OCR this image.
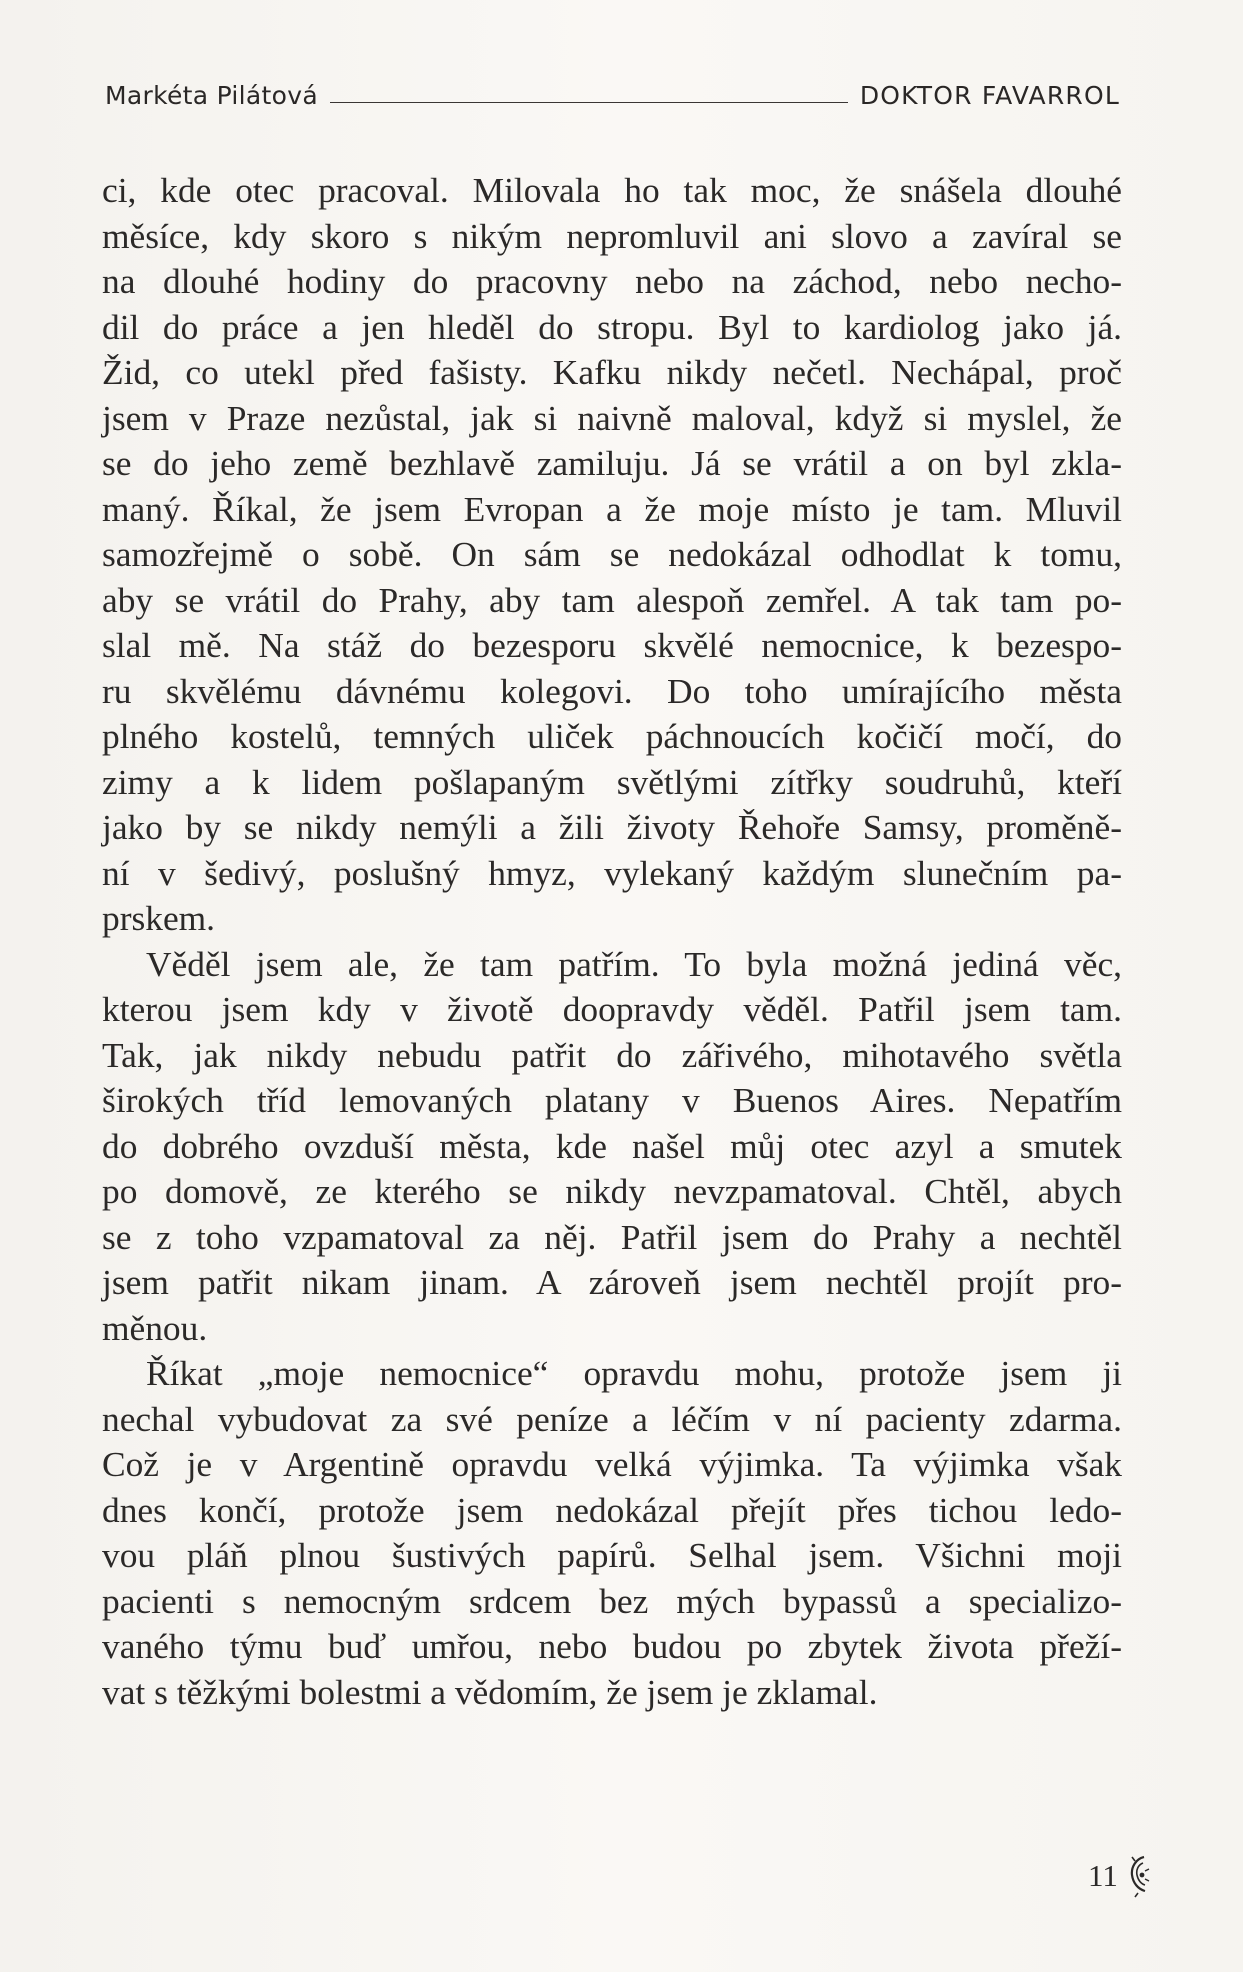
Markéta Pilátová	DOKTOR FAVARROL
ci, kde otec pracoval. Milovala ho tak moc, že snášela dlouhé
měsíce, kdy skoro s nikým nepromluvil ani slovo a zavíral se
na dlouhé hodiny do pracovny nebo na záchod, nebo necho-
dil do práce a jen hleděl do stropu. Byl to kardiolog jako já.
Žid, co utekl před fašisty. Kafku nikdy nečetl. Nechápal, proč
jsem v Praze nezůstal, jak si naivně maloval, když si myslel, že
se do jeho země bezhlavě zamiluju. Já se vrátil a on byl zkla-
maný. Říkal, že jsem Evropan a že moje místo je tam. Mluvil
samozřejmě o sobě. On sám se nedokázal odhodlat k tomu,
aby se vrátil do Prahy, aby tam alespoň zemřel. A tak tam po-
slal mě. Na stáž do bezesporu skvělé nemocnice, k bezespo-
ru skvělému dávnému kolegovi. Do toho umírajícího města
plného kostelů, temných uliček páchnoucích kočičí močí, do
zimy a k lidem pošlapaným světlými zítřky soudruhů, kteří
jako by se nikdy nemýli a žili životy Řehoře Samsy, proměně-
ní v šedivý, poslušný hmyz, vylekaný každým slunečním pa-
prskem.
Věděl jsem ale, že tam patřím. To byla možná jediná věc,
kterou jsem kdy v životě doopravdy věděl. Patřil jsem tam.
Tak, jak nikdy nebudu patřit do zářivého, mihotavého světla
širokých tříd lemovaných platany v Buenos Aires. Nepatřím
do dobrého ovzduší města, kde našel můj otec azyl a smutek
po domově, ze kterého se nikdy nevzpamatoval. Chtěl, abych
se z toho vzpamatoval za něj. Patřil jsem do Prahy a nechtěl
jsem patřit nikam jinam. A zároveň jsem nechtěl projít pro-
měnou.
Říkat „moje nemocnice“ opravdu mohu, protože jsem ji
nechal vybudovat za své peníze a léčím v ní pacienty zdarma.
Což je v Argentině opravdu velká výjimka. Ta výjimka však
dnes končí, protože jsem nedokázal přejít přes tichou ledo-
vou pláň plnou šustivých papírů. Selhal jsem. Všichni moji
pacienti s nemocným srdcem bez mých bypassů a specializo-
vaného týmu buď umřou, nebo budou po zbytek života přeží-
vat s těžkými bolestmi a vědomím, že jsem je zklamal.
11
